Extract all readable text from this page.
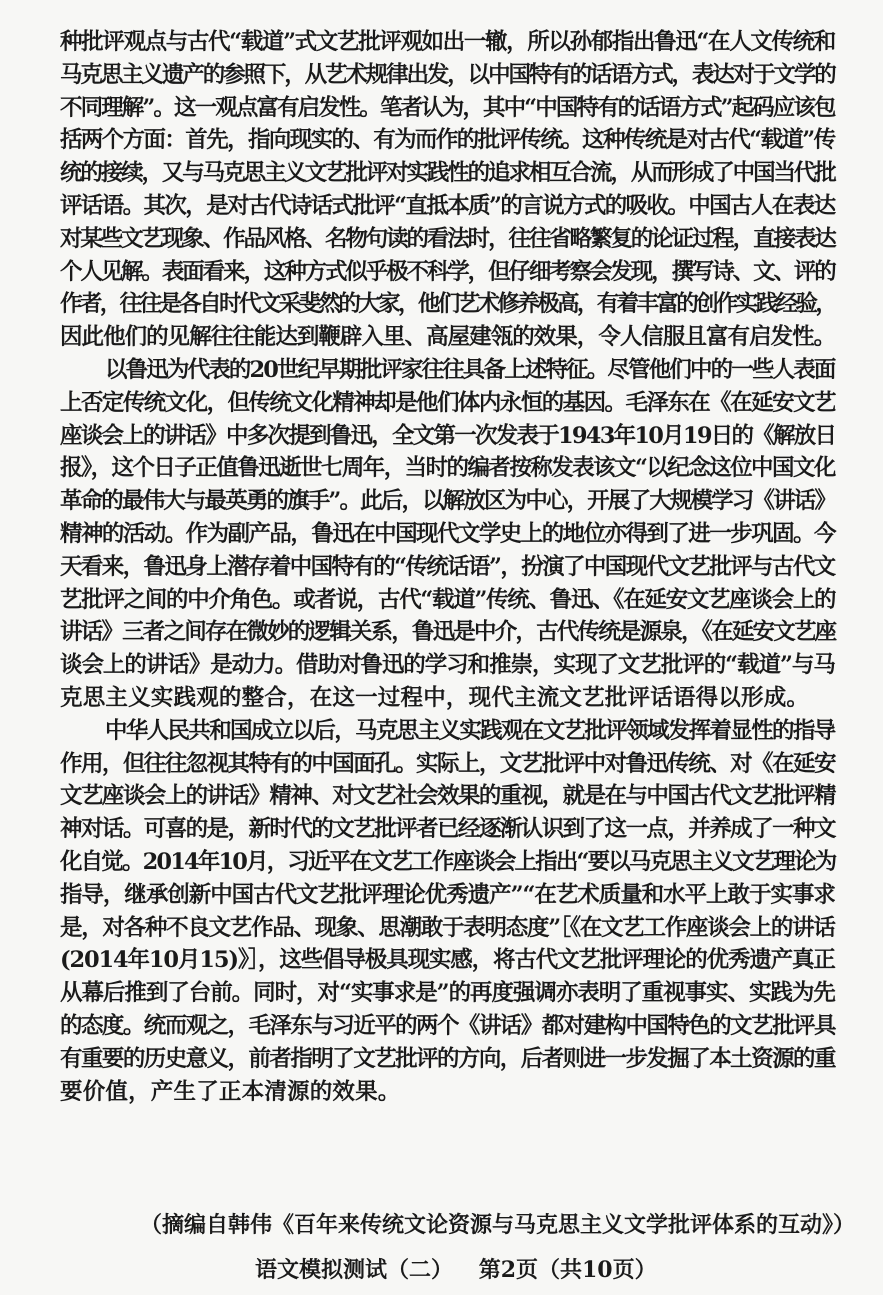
种批评观点与古代“载道”式文艺批评观如出一辙，所以孙郁指出鲁迅“在人文传统和
马克思主义遗产的参照下，从艺术规律出发，以中国特有的话语方式，表达对于文学的
不同理解”。这一观点富有启发性。笔者认为，其中“中国特有的话语方式”起码应该包
括两个方面：首先，指向现实的、有为而作的批评传统。这种传统是对古代“载道”传
统的接续，又与马克思主义文艺批评对实践性的追求相互合流，从而形成了中国当代批
评话语。其次，是对古代诗话式批评“直抵本质”的言说方式的吸收。中国古人在表达
对某些文艺现象、作品风格、名物句读的看法时，往往省略繁复的论证过程，直接表达
个人见解。表面看来，这种方式似乎极不科学，但仔细考察会发现，撰写诗、文、评的
作者，往往是各自时代文采斐然的大家，他们艺术修养极高，有着丰富的创作实践经验，
因此他们的见解往往能达到鞭辟入里、高屋建瓴的效果，令人信服且富有启发性。
以鲁迅为代表的20世纪早期批评家往往具备上述特征。尽管他们中的一些人表面
上否定传统文化，但传统文化精神却是他们体内永恒的基因。毛泽东在《在延安文艺
座谈会上的讲话》中多次提到鲁迅，全文第一次发表于1943年10月19日的《解放日
报》，这个日子正值鲁迅逝世七周年，当时的编者按称发表该文“以纪念这位中国文化
革命的最伟大与最英勇的旗手”。此后，以解放区为中心，开展了大规模学习《讲话》
精神的活动。作为副产品，鲁迅在中国现代文学史上的地位亦得到了进一步巩固。今
天看来，鲁迅身上潜存着中国特有的“传统话语”，扮演了中国现代文艺批评与古代文
艺批评之间的中介角色。或者说，古代“载道”传统、鲁迅、《在延安文艺座谈会上的
讲话》三者之间存在微妙的逻辑关系，鲁迅是中介，古代传统是源泉，《在延安文艺座
谈会上的讲话》是动力。借助对鲁迅的学习和推崇，实现了文艺批评的“载道”与马
克思主义实践观的整合，在这一过程中，现代主流文艺批评话语得以形成。
中华人民共和国成立以后，马克思主义实践观在文艺批评领域发挥着显性的指导
作用，但往往忽视其特有的中国面孔。实际上，文艺批评中对鲁迅传统、对《在延安
文艺座谈会上的讲话》精神、对文艺社会效果的重视，就是在与中国古代文艺批评精
神对话。可喜的是，新时代的文艺批评者已经逐渐认识到了这一点，并养成了一种文
化自觉。2014年10月，习近平在文艺工作座谈会上指出“要以马克思主义文艺理论为
指导，继承创新中国古代文艺批评理论优秀遗产”“在艺术质量和水平上敢于实事求
是，对各种不良文艺作品、现象、思潮敢于表明态度”［《在文艺工作座谈会上的讲话
(2014年10月15)》］，这些倡导极具现实感，将古代文艺批评理论的优秀遗产真正
从幕后推到了台前。同时，对“实事求是”的再度强调亦表明了重视事实、实践为先
的态度。统而观之，毛泽东与习近平的两个《讲话》都对建构中国特色的文艺批评具
有重要的历史意义，前者指明了文艺批评的方向，后者则进一步发掘了本土资源的重
要价值，产生了正本清源的效果。
（摘编自韩伟《百年来传统文论资源与马克思主义文学批评体系的互动》）
语文模拟测试（二） 第2页（共10页）
